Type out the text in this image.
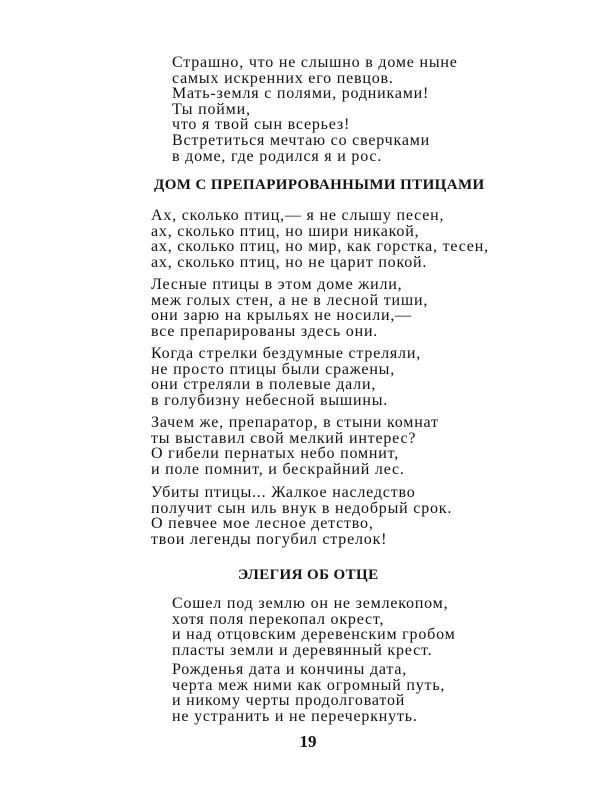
Страшно, что не слышно в доме ныне
самых искренних его певцов.
Мать-земля с полями, родниками!
Ты пойми,
что я твой сын всерьез!
Встретиться мечтаю со сверчками
в доме, где родился я и рос.
ДОМ С ПРЕПАРИРОВАННЫМИ ПТИЦАМИ
Ах, сколько птиц,— я не слышу песен,
ах, сколько птиц, но шири никакой,
ах, сколько птиц, но мир, как горстка, тесен,
ах, сколько птиц, но не царит покой.
Лесные птицы в этом доме жили,
меж голых стен, а не в лесной тиши,
они зарю на крыльях не носили,—
все препарированы здесь они.
Когда стрелки бездумные стреляли,
не просто птицы были сражены,
они стреляли в полевые дали,
в голубизну небесной вышины.
Зачем же, препаратор, в стыни комнат
ты выставил свой мелкий интерес?
О гибели пернатых небо помнит,
и поле помнит, и бескрайний лес.
Убиты птицы... Жалкое наследство
получит сын иль внук в недобрый срок.
О певчее мое лесное детство,
твои легенды погубил стрелок!
ЭЛЕГИЯ ОБ ОТЦЕ
Сошел под землю он не землекопом,
хотя поля перекопал окрест,
и над отцовским деревенским гробом
пласты земли и деревянный крест.
Рожденья дата и кончины дата,
черта меж ними как огромный путь,
и никому черты продолговатой
не устранить и не перечеркнуть.
19
